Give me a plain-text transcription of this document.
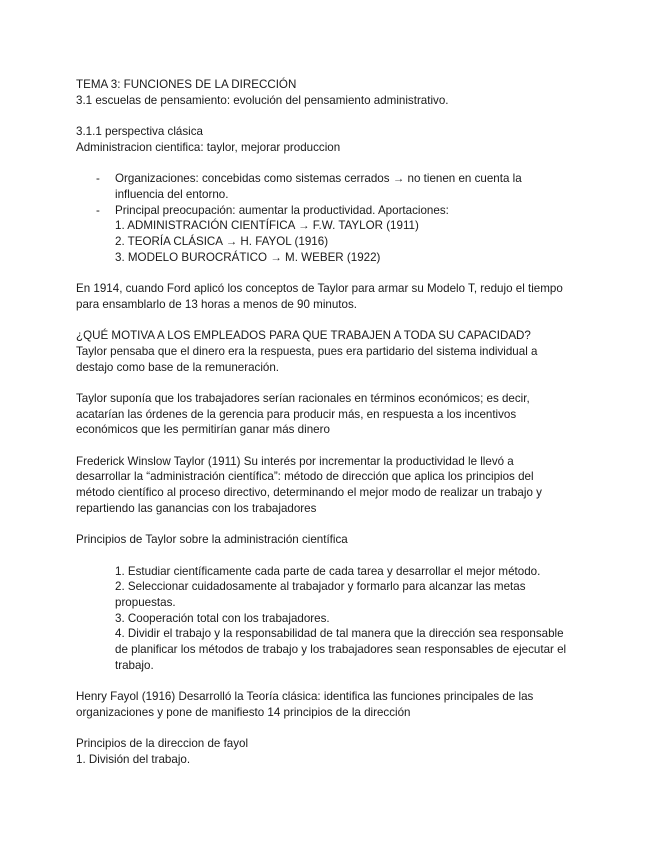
TEMA 3: FUNCIONES DE LA DIRECCIÓN

3.1 escuelas de pensamiento: evolución del pensamiento administrativo.

3.1.1 perspectiva clásica

Administracion cientifica: taylor, mejorar produccion

- Organizaciones: concebidas como sistemas cerrados → no tienen en cuenta la

influencia del entorno.

- Principal preocupación: aumentar la productividad. Aportaciones:

1. ADMINISTRACIÓN CIENTÍFICA → F.W. TAYLOR (1911)

2. TEORÍA CLÁSICA → H. FAYOL (1916)

3. MODELO BUROCRÁTICO → M. WEBER (1922)

En 1914, cuando Ford aplicó los conceptos de Taylor para armar su Modelo T, redujo el tiempo

para ensamblarlo de 13 horas a menos de 90 minutos.

¿QUÉ MOTIVA A LOS EMPLEADOS PARA QUE TRABAJEN A TODA SU CAPACIDAD?

Taylor pensaba que el dinero era la respuesta, pues era partidario del sistema individual a

destajo como base de la remuneración.

Taylor suponía que los trabajadores serían racionales en términos económicos; es decir,

acatarían las órdenes de la gerencia para producir más, en respuesta a los incentivos

económicos que les permitirían ganar más dinero

Frederick Winslow Taylor (1911) Su interés por incrementar la productividad le llevó a

desarrollar la “administración científica”: método de dirección que aplica los principios del

método científico al proceso directivo, determinando el mejor modo de realizar un trabajo y

repartiendo las ganancias con los trabajadores

Principios de Taylor sobre la administración científica

1. Estudiar científicamente cada parte de cada tarea y desarrollar el mejor método.

2. Seleccionar cuidadosamente al trabajador y formarlo para alcanzar las metas

propuestas.

3. Cooperación total con los trabajadores.

4. Dividir el trabajo y la responsabilidad de tal manera que la dirección sea responsable

de planificar los métodos de trabajo y los trabajadores sean responsables de ejecutar el

trabajo.

Henry Fayol (1916) Desarrolló la Teoría clásica: identifica las funciones principales de las

organizaciones y pone de manifiesto 14 principios de la dirección

Principios de la direccion de fayol

1. División del trabajo.
